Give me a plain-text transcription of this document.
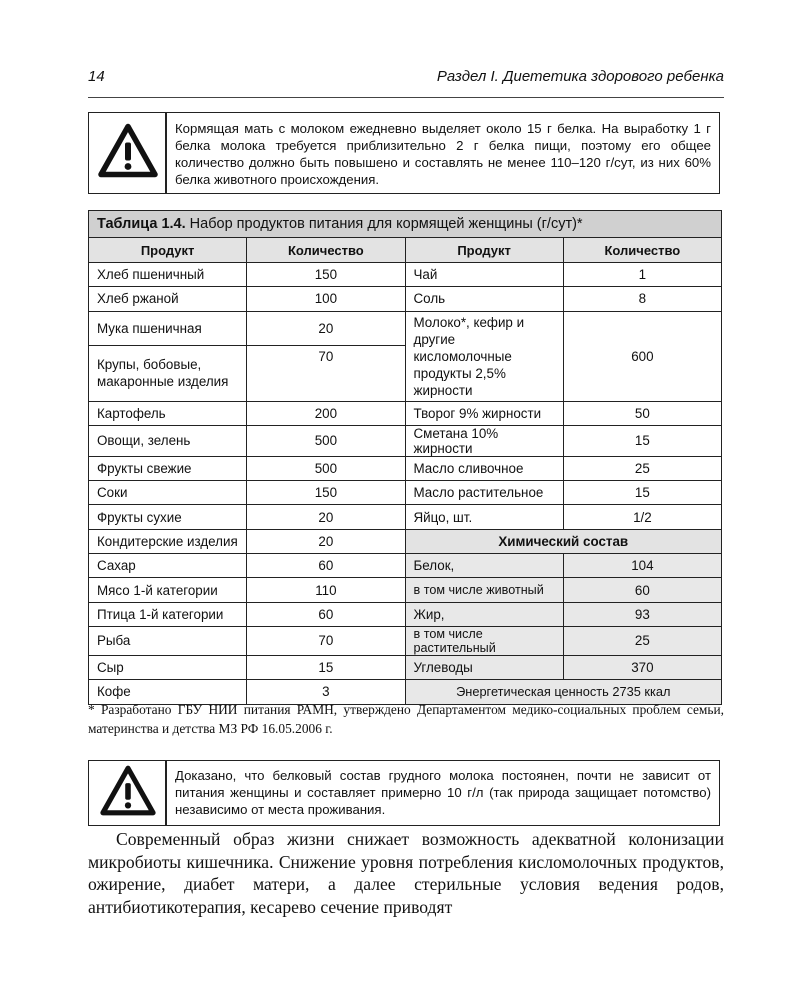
14	Раздел I. Диететика здорового ребенка
Кормящая мать с молоком ежедневно выделяет около 15 г белка. На выработку 1 г белка молока требуется приблизительно 2 г белка пищи, поэтому его общее количество должно быть повышено и составлять не менее 110–120 г/сут, из них 60% белка животного происхождения.
Таблица 1.4. Набор продуктов питания для кормящей женщины (г/сут)*			
Продукт	Количество	Продукт	Количество
Хлеб пшеничный	150	Чай	1
Хлеб ржаной	100	Соль	8
Мука пшеничная	20	Молоко*, кефир и другие кисломолочные продукты 2,5% жирности	600
Крупы, бобовые, макаронные изделия	70		
Картофель	200	Творог 9% жирности	50
Овощи, зелень	500	Сметана 10% жирности	15
Фрукты свежие	500	Масло сливочное	25
Соки	150	Масло растительное	15
Фрукты сухие	20	Яйцо, шт.	1/2
Кондитерские изделия	20	Химический состав	
Сахар	60	Белок,	104
Мясо 1-й категории	110	в том числе животный	60
Птица 1-й категории	60	Жир,	93
Рыба	70	в том числе растительный	25
Сыр	15	Углеводы	370
Кофе	3	Энергетическая ценность 2735 ккал	
* Разработано ГБУ НИИ питания РАМН, утверждено Департаментом медико-социальных проблем семьи, материнства и детства МЗ РФ 16.05.2006 г.
Доказано, что белковый состав грудного молока постоянен, почти не зависит от питания женщины и составляет примерно 10 г/л (так природа защищает потомство) независимо от места проживания.
Современный образ жизни снижает возможность адекватной колонизации микробиоты кишечника. Снижение уровня потребления кисломолочных продуктов, ожирение, диабет матери, а далее стерильные условия ведения родов, антибиотикотерапия, кесарево сечение приводят
